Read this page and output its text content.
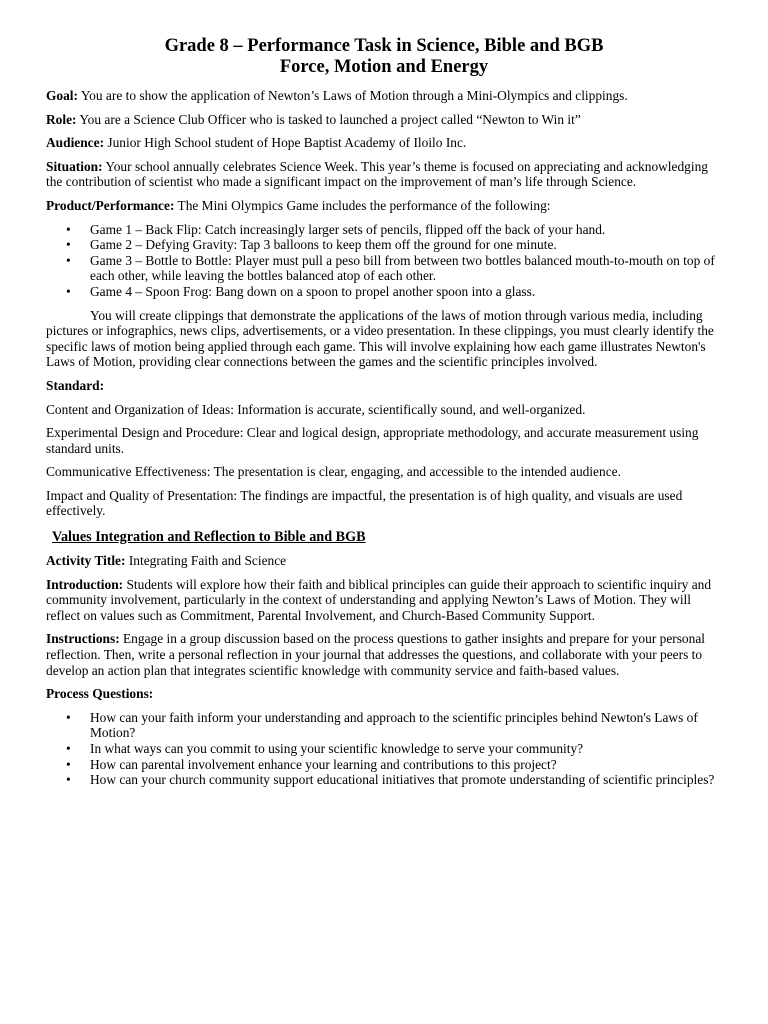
Grade 8 – Performance Task in Science, Bible and BGB
Force, Motion and Energy

Goal: You are to show the application of Newton’s Laws of Motion through a Mini-Olympics and clippings.

Role: You are a Science Club Officer who is tasked to launched a project called “Newton to Win it”

Audience: Junior High School student of Hope Baptist Academy of Iloilo Inc.

Situation: Your school annually celebrates Science Week. This year’s theme is focused on appreciating and acknowledging the contribution of scientist who made a significant impact on the improvement of man’s life through Science.

Product/Performance: The Mini Olympics Game includes the performance of the following:

• Game 1 – Back Flip: Catch increasingly larger sets of pencils, flipped off the back of your hand.
• Game 2 – Defying Gravity: Tap 3 balloons to keep them off the ground for one minute.
• Game 3 – Bottle to Bottle: Player must pull a peso bill from between two bottles balanced mouth-to-mouth on top of each other, while leaving the bottles balanced atop of each other.
• Game 4 – Spoon Frog: Bang down on a spoon to propel another spoon into a glass.

You will create clippings that demonstrate the applications of the laws of motion through various media, including pictures or infographics, news clips, advertisements, or a video presentation. In these clippings, you must clearly identify the specific laws of motion being applied through each game. This will involve explaining how each game illustrates Newton's Laws of Motion, providing clear connections between the games and the scientific principles involved.

Standard:

Content and Organization of Ideas: Information is accurate, scientifically sound, and well-organized.

Experimental Design and Procedure: Clear and logical design, appropriate methodology, and accurate measurement using standard units.

Communicative Effectiveness: The presentation is clear, engaging, and accessible to the intended audience.

Impact and Quality of Presentation: The findings are impactful, the presentation is of high quality, and visuals are used effectively.

Values Integration and Reflection to Bible and BGB

Activity Title: Integrating Faith and Science

Introduction: Students will explore how their faith and biblical principles can guide their approach to scientific inquiry and community involvement, particularly in the context of understanding and applying Newton’s Laws of Motion. They will reflect on values such as Commitment, Parental Involvement, and Church-Based Community Support.

Instructions: Engage in a group discussion based on the process questions to gather insights and prepare for your personal reflection. Then, write a personal reflection in your journal that addresses the questions, and collaborate with your peers to develop an action plan that integrates scientific knowledge with community service and faith-based values.

Process Questions:

• How can your faith inform your understanding and approach to the scientific principles behind Newton's Laws of Motion?
• In what ways can you commit to using your scientific knowledge to serve your community?
• How can parental involvement enhance your learning and contributions to this project?
• How can your church community support educational initiatives that promote understanding of scientific principles?
